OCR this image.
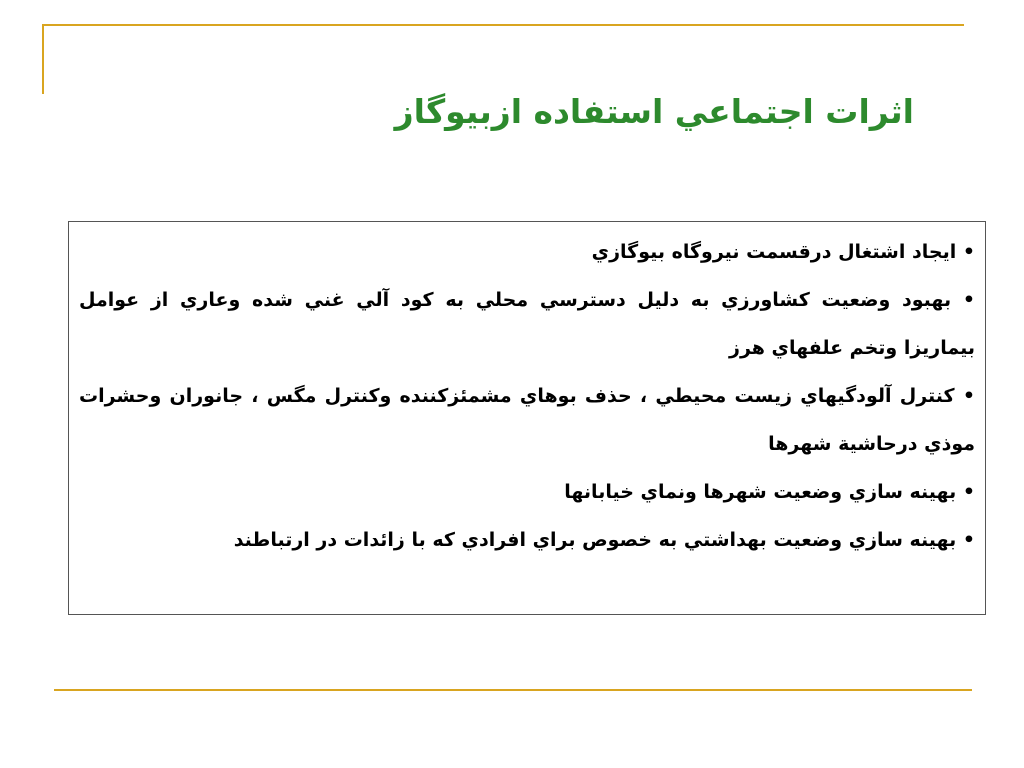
اثرات اجتماعي استفاده ازبيوگاز

• ايجاد اشتغال درقسمت نيروگاه بيوگازي

• بهبود وضعيت كشاورزي به دليل دسترسي محلي به كود آلي غني شده وعاري از عوامل بيماريزا وتخم علفهاي هرز

• كنترل آلودگيهاي زيست محيطي ، حذف بوهاي مشمئزكننده وكنترل مگس ، جانوران وحشرات موذي درحاشية شهرها

• بهينه سازي وضعيت شهرها ونماي خيابانها

• بهينه سازي وضعيت بهداشتي به خصوص براي افرادي كه با زائدات در ارتباطند
